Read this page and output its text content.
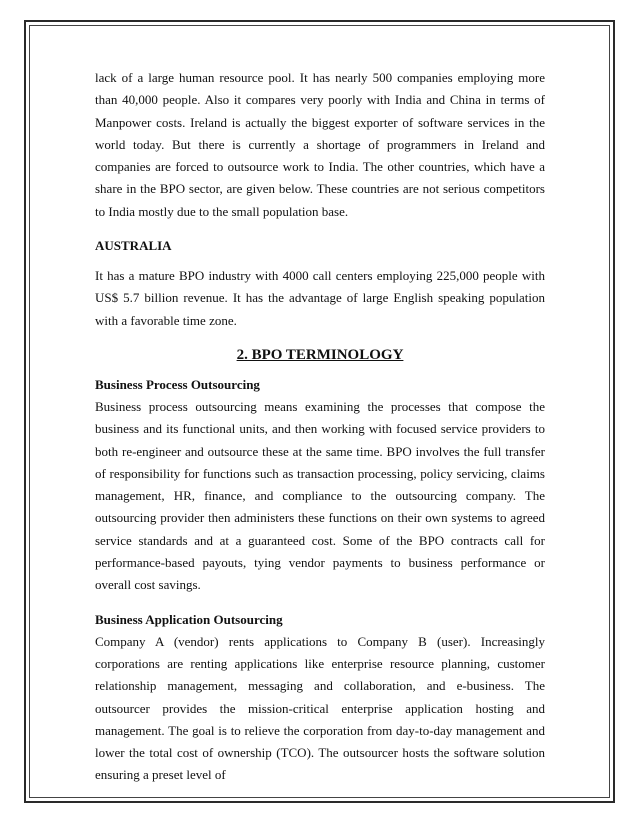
lack of a large human resource pool. It has nearly 500 companies employing more than 40,000 people. Also it compares very poorly with India and China in terms of Manpower costs. Ireland is actually the biggest exporter of software services in the world today. But there is currently a shortage of programmers in Ireland and companies are forced to outsource work to India. The other countries, which have a share in the BPO sector, are given below. These countries are not serious competitors to India mostly due to the small population base.

AUSTRALIA

It has a mature BPO industry with 4000 call centers employing 225,000 people with US$ 5.7 billion revenue. It has the advantage of large English speaking population with a favorable time zone.

2. BPO TERMINOLOGY
Business Process Outsourcing

Business process outsourcing means examining the processes that compose the business and its functional units, and then working with focused service providers to both re-engineer and outsource these at the same time. BPO involves the full transfer of responsibility for functions such as transaction processing, policy servicing, claims management, HR, finance, and compliance to the outsourcing company. The outsourcing provider then administers these functions on their own systems to agreed service standards and at a guaranteed cost. Some of the BPO contracts call for performance-based payouts, tying vendor payments to business performance or overall cost savings.

Business Application Outsourcing

Company A (vendor) rents applications to Company B (user). Increasingly corporations are renting applications like enterprise resource planning, customer relationship management, messaging and collaboration, and e-business. The outsourcer provides the mission-critical enterprise application hosting and management. The goal is to relieve the corporation from day-to-day management and lower the total cost of ownership (TCO). The outsourcer hosts the software solution ensuring a preset level of
